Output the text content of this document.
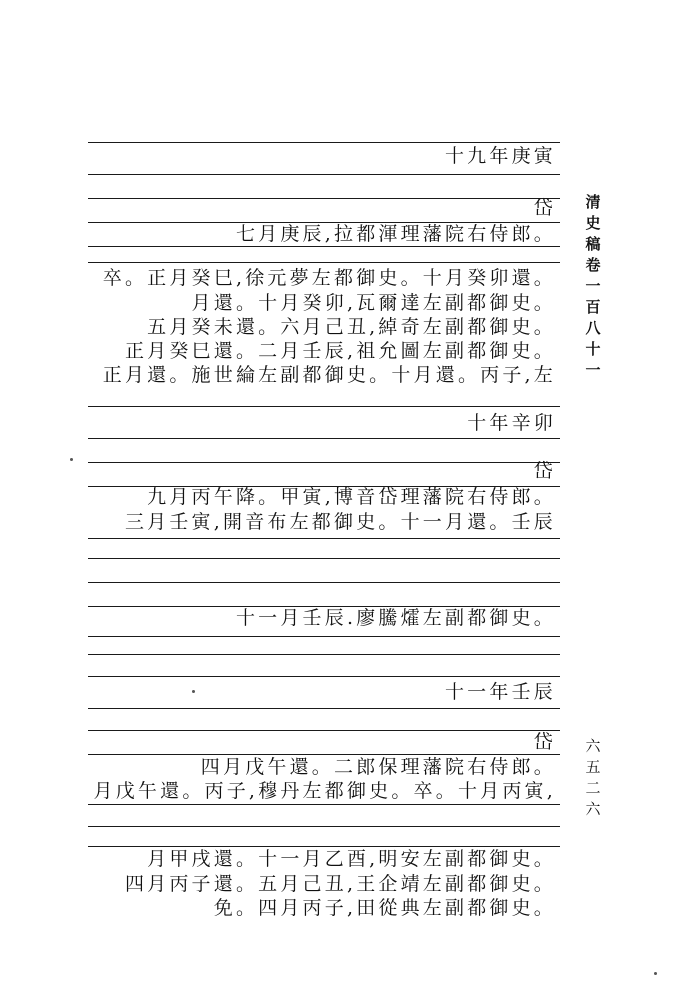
十九年庚寅
岱
七月庚辰,拉都渾理藩院右侍郎。
卒。正月癸巳,徐元夢左都御史。十月癸卯還。
月還。十月癸卯,瓦爾達左副都御史。
五月癸未還。六月己丑,綽奇左副都御史。
正月癸巳還。二月壬辰,祖允圖左副都御史。
正月還。施世綸左副都御史。十月還。丙子,左
十年辛卯
岱
九月丙午降。甲寅,博音岱理藩院右侍郎。
三月壬寅,開音布左都御史。十一月還。壬辰
十一月壬辰.廖騰㸌左副都御史。
十一年壬辰
岱
四月戊午還。二郎保理藩院右侍郎。
月戊午還。丙子,穆丹左都御史。卒。十月丙寅,
月甲戌還。十一月乙酉,明安左副都御史。
四月丙子還。五月己丑,王企靖左副都御史。
免。四月丙子,田從典左副都御史。
清
史
稿
卷
一
百
八
十
一
六
五
二
六
